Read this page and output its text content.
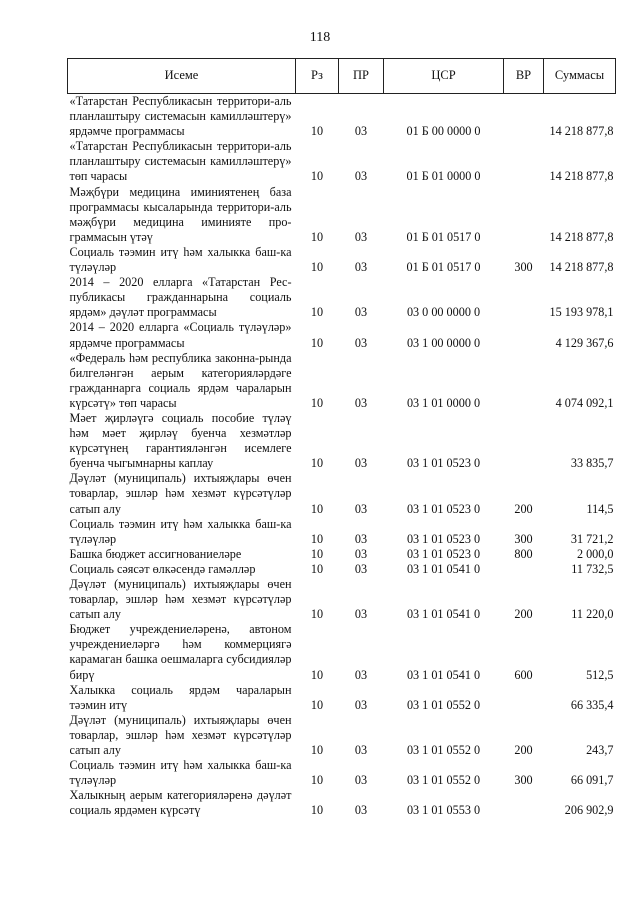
118
Исеме	Рз	ПР	ЦСР	ВР	Суммасы
«Татарстан Республикасын территори-аль планлаштыру системасын камиллəштерү» ярдəмче программасы	10	03	01 Б 00 0000 0		14 218 877,8
«Татарстан Республикасын территори-аль планлаштыру системасын камиллəштерү» төп чарасы	10	03	01 Б 01 0000 0		14 218 877,8
Мəҗбүри медицина иминиятенең база программасы кысаларында территори-аль мəҗбүри медицина иминияте про-граммасын үтəү	10	03	01 Б 01 0517 0		14 218 877,8
Социаль тəэмин итү һəм халыкка баш-ка түлəүлəр	10	03	01 Б 01 0517 0	300	14 218 877,8
2014 – 2020 елларга «Татарстан Рес-публикасы гражданнарына социаль ярдəм» дəүлəт программасы	10	03	03 0 00 0000 0		15 193 978,1
2014 – 2020 елларга «Социаль түлəүлəр» ярдəмче программасы	10	03	03 1 00 0000 0		4 129 367,6
«Федераль һəм республика законна-рында билгелəнгəн аерым категориялəрдəге гражданнарга социаль ярдəм чараларын күрсəтү» төп чарасы	10	03	03 1 01 0000 0		4 074 092,1
Мəет җирлəүгə социаль пособие түлəү һəм мəет җирлəү буенча хезмəтлəр күрсəтүнең гарантиялəнгəн исемлеге буенча чыгымнарны каплау	10	03	03 1 01 0523 0		33 835,7
Дəүлəт (муниципаль) ихтыяҗлары өчен товарлар, эшлəр һəм хезмəт күрсəтүлəр сатып алу	10	03	03 1 01 0523 0	200	114,5
Социаль тəэмин итү һəм халыкка баш-ка түлəүлəр	10	03	03 1 01 0523 0	300	31 721,2
Башка бюджет ассигнованиелəре	10	03	03 1 01 0523 0	800	2 000,0
Социаль сəясəт өлкəсендə гамəллəр	10	03	03 1 01 0541 0		11 732,5
Дəүлəт (муниципаль) ихтыяҗлары өчен товарлар, эшлəр һəм хезмəт күрсəтүлəр сатып алу	10	03	03 1 01 0541 0	200	11 220,0
Бюджет учреждениелəренə, автоном учреждениелəргə һəм коммерциягə карамаган башка оешмаларга субсидиялəр бирү	10	03	03 1 01 0541 0	600	512,5
Халыкка социаль ярдəм чараларын тəэмин итү	10	03	03 1 01 0552 0		66 335,4
Дəүлəт (муниципаль) ихтыяҗлары өчен товарлар, эшлəр һəм хезмəт күрсəтүлəр сатып алу	10	03	03 1 01 0552 0	200	243,7
Социаль тəэмин итү һəм халыкка баш-ка түлəүлəр	10	03	03 1 01 0552 0	300	66 091,7
Халыкның аерым категориялəренə дəүлəт социаль ярдəмен күрсəтү	10	03	03 1 01 0553 0		206 902,9
